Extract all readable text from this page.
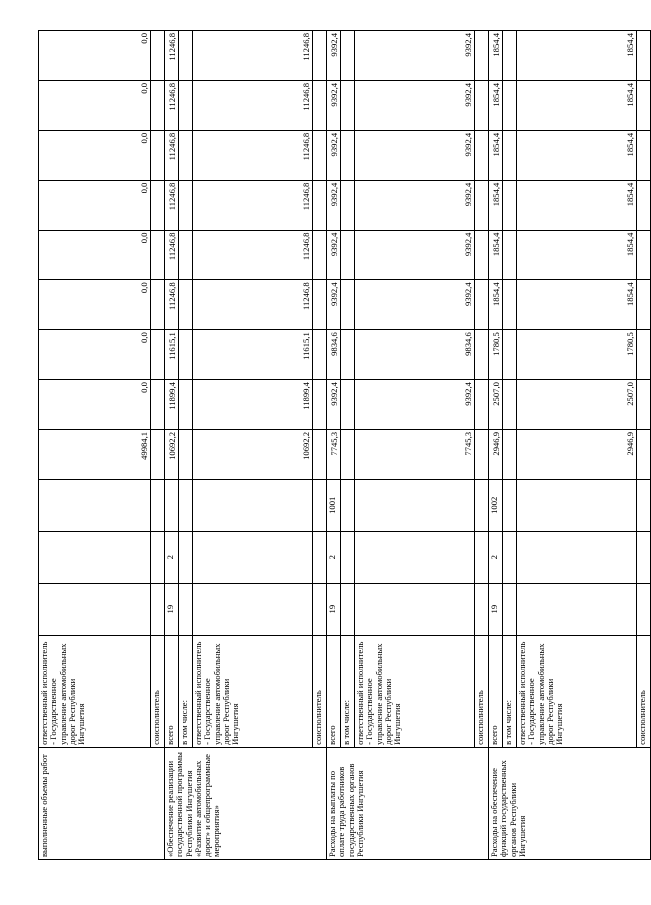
выполненные объемы работ	ответственный исполнитель - Государственное управление автомобильных дорог Республики Ингушетия				49984,1	0,0	0,0	0,0	0,0	0,0	0,0	0,0	0,0
	соисполнитель												
«Обеспечение реализации государственной программы Республики Ингушетия «Развитие автомобильных дорог» и общепрограммные мероприятия»	всего	19	2		10692,2	11899,4	11615,1	11246,8	11246,8	11246,8	11246,8	11246,8	11246,8
	в том числе:												
	ответственный исполнитель - Государственное управление автомобильных дорог Республики Ингушетия				10692,2	11899,4	11615,1	11246,8	11246,8	11246,8	11246,8	11246,8	11246,8
	соисполнитель												
Расходы на выплаты по оплате труда работников государственных органов Республики Ингушетия	всего	19	2	1001	7745,3	9392,4	9834,6	9392,4	9392,4	9392,4	9392,4	9392,4	9392,4
	в том числе:												
	ответственный исполнитель - Государственное управление автомобильных дорог Республики Ингушетия				7745,3	9392,4	9834,6	9392,4	9392,4	9392,4	9392,4	9392,4	9392,4
	соисполнитель												
Расходы на обеспечение функций государственных органов Республики Ингушетия	всего	19	2	1002	2946,9	2507,0	1780,5	1854,4	1854,4	1854,4	1854,4	1854,4	1854,4
	в том числе:												
	ответственный исполнитель - Государственное управление автомобильных дорог Республики Ингушетия				2946,9	2507,0	1780,5	1854,4	1854,4	1854,4	1854,4	1854,4	1854,4
	соисполнитель												
